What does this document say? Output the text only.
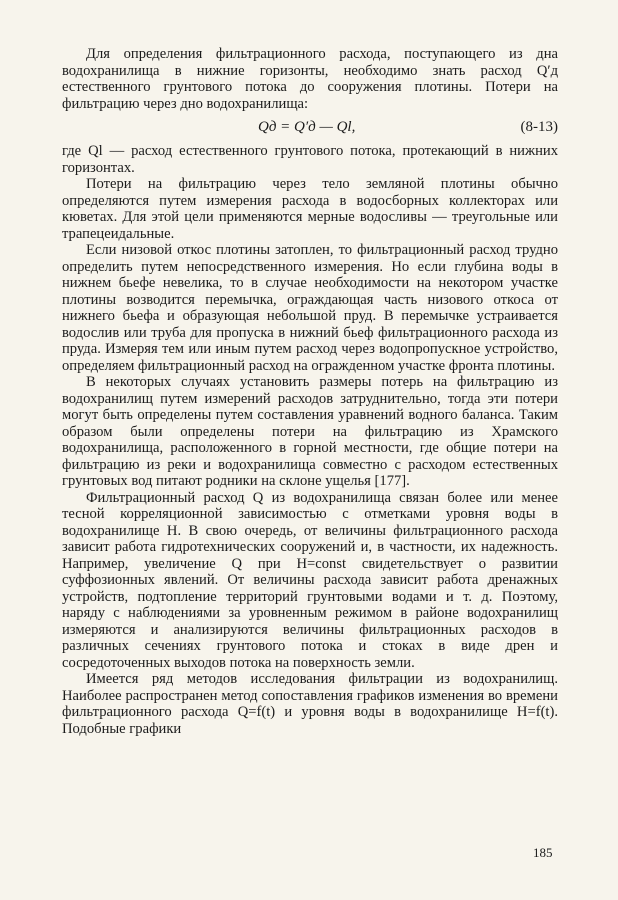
Для определения фильтрационного расхода, поступающего из дна водохранилища в нижние горизонты, необходимо знать расход Q′д естественного грунтового потока до сооружения плотины. Потери на фильтрацию через дно водохранилища:

Qд = Q′д — Ql,	(8-13)

где Ql — расход естественного грунтового потока, протекающий в нижних горизонтах.

Потери на фильтрацию через тело земляной плотины обычно определяются путем измерения расхода в водосборных коллекторах или кюветах. Для этой цели применяются мерные водосливы — треугольные или трапецеидальные.

Если низовой откос плотины затоплен, то фильтрационный расход трудно определить путем непосредственного измерения. Но если глубина воды в нижнем бьефе невелика, то в случае необходимости на некотором участке плотины возводится перемычка, ограждающая часть низового откоса от нижнего бьефа и образующая небольшой пруд. В перемычке устраивается водослив или труба для пропуска в нижний бьеф фильтрационного расхода из пруда. Измеряя тем или иным путем расход через водопропускное устройство, определяем фильтрационный расход на огражденном участке фронта плотины.

В некоторых случаях установить размеры потерь на фильтрацию из водохранилищ путем измерений расходов затруднительно, тогда эти потери могут быть определены путем составления уравнений водного баланса. Таким образом были определены потери на фильтрацию из Храмского водохранилища, расположенного в горной местности, где общие потери на фильтрацию из реки и водохранилища совместно с расходом естественных грунтовых вод питают родники на склоне ущелья [177].

Фильтрационный расход Q из водохранилища связан более или менее тесной корреляционной зависимостью с отметками уровня воды в водохранилище H. В свою очередь, от величины фильтрационного расхода зависит работа гидротехнических сооружений и, в частности, их надежность. Например, увеличение Q при H=const свидетельствует о развитии суффозионных явлений. От величины расхода зависит работа дренажных устройств, подтопление территорий грунтовыми водами и т. д. Поэтому, наряду с наблюдениями за уровненным режимом в районе водохранилищ измеряются и анализируются величины фильтрационных расходов в различных сечениях грунтового потока и стоках в виде дрен и сосредоточенных выходов потока на поверхность земли.

Имеется ряд методов исследования фильтрации из водохранилищ. Наиболее распространен метод сопоставления графиков изменения во времени фильтрационного расхода Q=f(t) и уровня воды в водохранилище H=f(t). Подобные графики

185
